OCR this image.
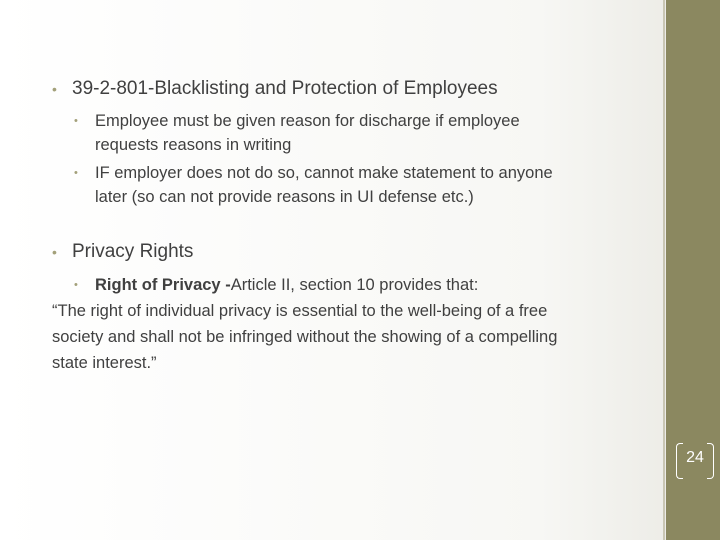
• 39-2-801-Blacklisting and Protection of Employees
• Employee must be given reason for discharge if employee
requests reasons in writing
• IF employer does not do so, cannot make statement to anyone
later (so can not provide reasons in UI defense etc.)
• Privacy Rights
• Right of Privacy -Article II, section 10 provides that:
“The right of individual privacy is essential to the well-being of a free
society and shall not be infringed without the showing of a compelling
state interest.”
24
